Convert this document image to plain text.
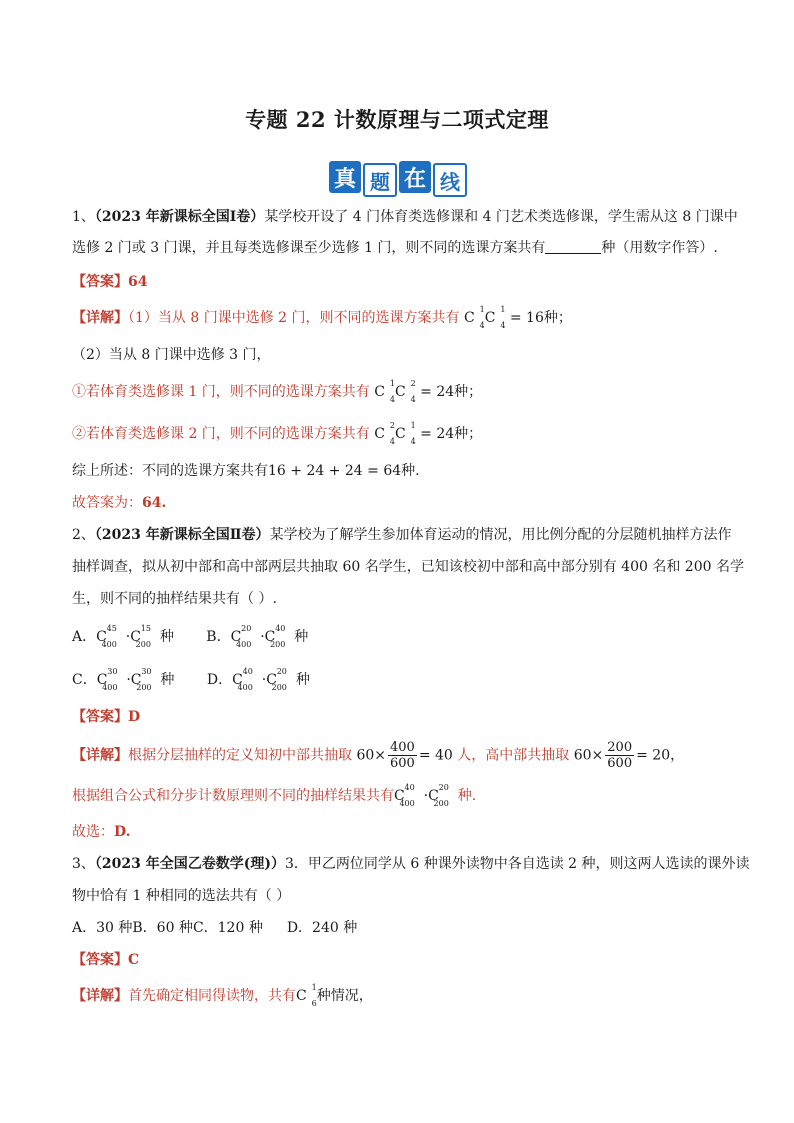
专题 22 计数原理与二项式定理
真 题 在 线
1、（2023 年新课标全国Ⅰ卷）某学校开设了 4 门体育类选修课和 4 门艺术类选修课，学生需从这 8 门课中
选修 2 门或 3 门课，并且每类选修课至少选修 1 门，则不同的选课方案共有	种（用数字作答）.
【答案】64
【详解】（1）当从 8 门课中选修 2 门，则不同的选课方案共有 C
1
4 C
1
4 = 16种；
（2）当从 8 门课中选修 3 门，
①若体育类选修课 1 门，则不同的选课方案共有 C
1
4 C
2
4 = 24种；
②若体育类选修课 2 门，则不同的选课方案共有 C
2
4 C
1
4 = 24种；
综上所述：不同的选课方案共有16 + 24 + 24 = 64种.
故答案为：64.
2、（2023 年新课标全国Ⅱ卷）某学校为了解学生参加体育运动的情况，用比例分配的分层随机抽样方法作
抽样调查，拟从初中部和高中部两层共抽取 60 名学生，已知该校初中部和高中部分别有 400 名和 200 名学
生，则不同的抽样结果共有（ ）.
A．C
45
400 ·C
15
200 种 B．C
20
400 ·C
40
200 种
C．C
30
400 ·C
30
200 种 D．C
40
400 ·C
20
200 种
【答案】D
【详解】根据分层抽样的定义知初中部共抽取 $60\times \frac{400}{600} = 40$ 人，高中部共抽取 $60\times \frac{200}{600} = 20$，
根据组合公式和分步计数原理则不同的抽样结果共有C
40
400 ·C
20
200 种.
故选：D.
3、（2023 年全国乙卷数学(理)）3．甲乙两位同学从 6 种课外读物中各自选读 2 种，则这两人选读的课外读
物中恰有 1 种相同的选法共有（ ）
A．30 种B．60 种C．120 种 D．240 种
【答案】C
【详解】首先确定相同得读物，共有C
1
6 种情况，
